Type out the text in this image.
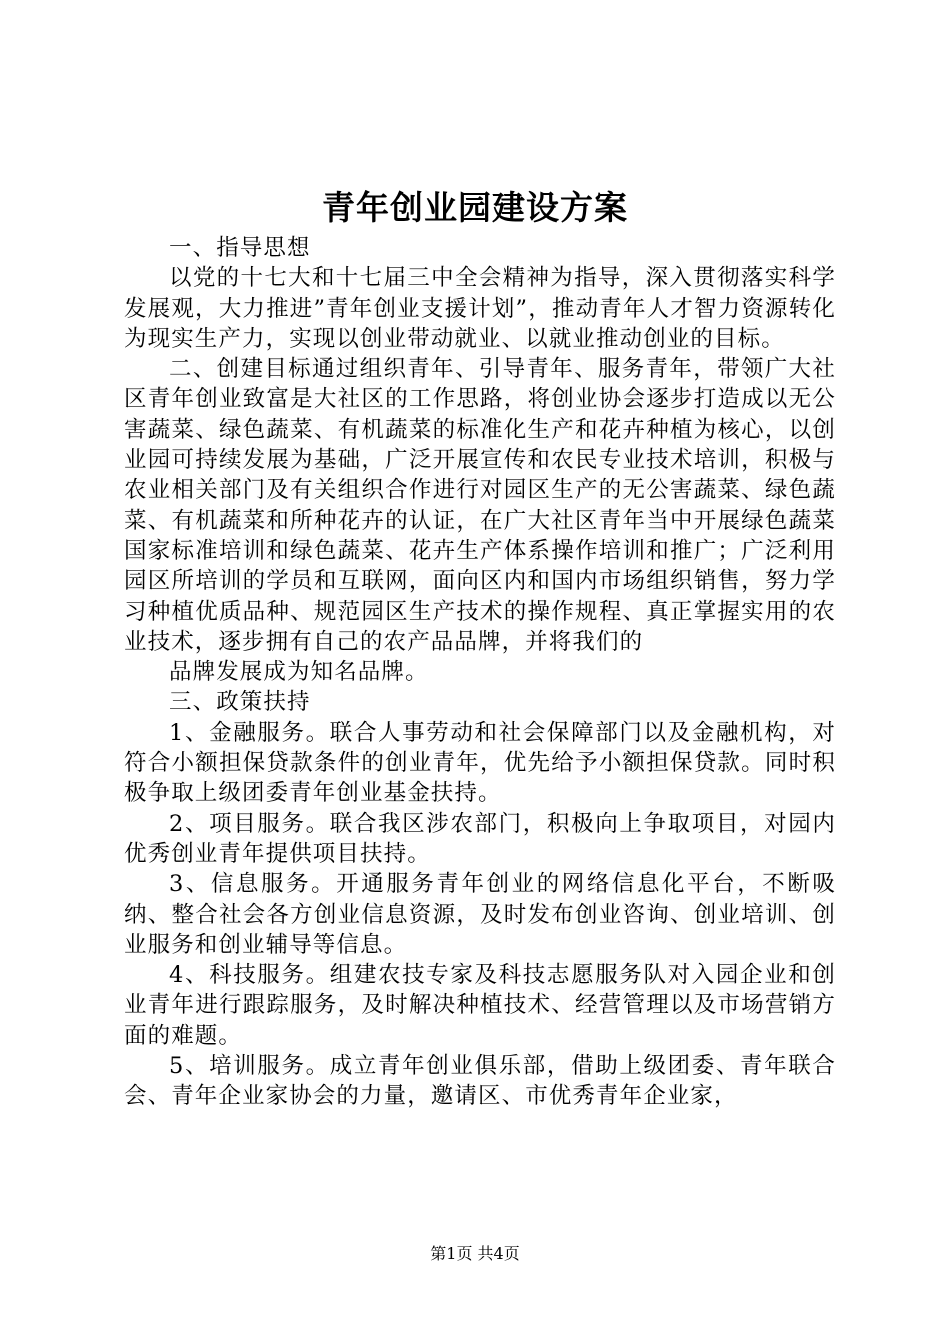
青年创业园建设方案

一、指导思想

以党的十七大和十七届三中全会精神为指导，深入贯彻落实科学发展观，大力推进”青年创业支援计划”，推动青年人才智力资源转化为现实生产力，实现以创业带动就业、以就业推动创业的目标。

二、创建目标通过组织青年、引导青年、服务青年，带领广大社区青年创业致富是大社区的工作思路，将创业协会逐步打造成以无公害蔬菜、绿色蔬菜、有机蔬菜的标准化生产和花卉种植为核心，以创业园可持续发展为基础，广泛开展宣传和农民专业技术培训，积极与农业相关部门及有关组织合作进行对园区生产的无公害蔬菜、绿色蔬菜、有机蔬菜和所种花卉的认证，在广大社区青年当中开展绿色蔬菜国家标准培训和绿色蔬菜、花卉生产体系操作培训和推广；广泛利用园区所培训的学员和互联网，面向区内和国内市场组织销售，努力学习种植优质品种、规范园区生产技术的操作规程、真正掌握实用的农业技术，逐步拥有自己的农产品品牌，并将我们的

品牌发展成为知名品牌。

三、政策扶持

1、金融服务。联合人事劳动和社会保障部门以及金融机构，对符合小额担保贷款条件的创业青年，优先给予小额担保贷款。同时积极争取上级团委青年创业基金扶持。

2、项目服务。联合我区涉农部门，积极向上争取项目，对园内优秀创业青年提供项目扶持。

3、信息服务。开通服务青年创业的网络信息化平台，不断吸纳、整合社会各方创业信息资源，及时发布创业咨询、创业培训、创业服务和创业辅导等信息。

4、科技服务。组建农技专家及科技志愿服务队对入园企业和创业青年进行跟踪服务，及时解决种植技术、经营管理以及市场营销方面的难题。

5、培训服务。成立青年创业俱乐部，借助上级团委、青年联合会、青年企业家协会的力量，邀请区、市优秀青年企业家，

第1页 共4页
